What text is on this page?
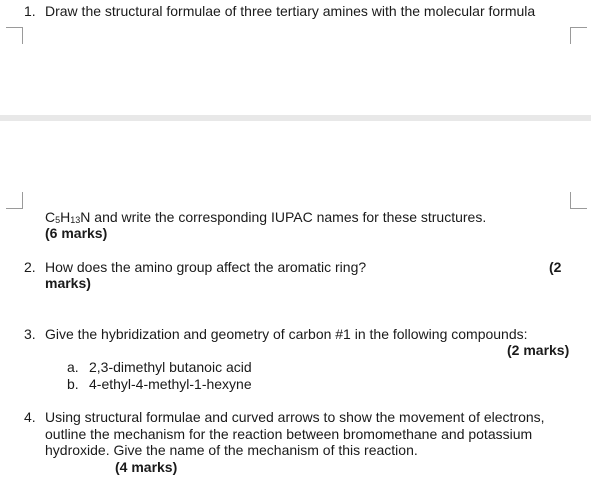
1. Draw the structural formulae of three tertiary amines with the molecular formula
$C_5H_{13}N$ and write the corresponding IUPAC names for these structures.
(6 marks)
2. How does the amino group affect the aromatic ring?	(2
marks)
3. Give the hybridization and geometry of carbon #1 in the following compounds:
(2 marks)
a. 2,3-dimethyl butanoic acid
b. 4-ethyl-4-methyl-1-hexyne
4. Using structural formulae and curved arrows to show the movement of electrons,
outline the mechanism for the reaction between bromomethane and potassium
hydroxide. Give the name of the mechanism of this reaction.
(4 marks)
